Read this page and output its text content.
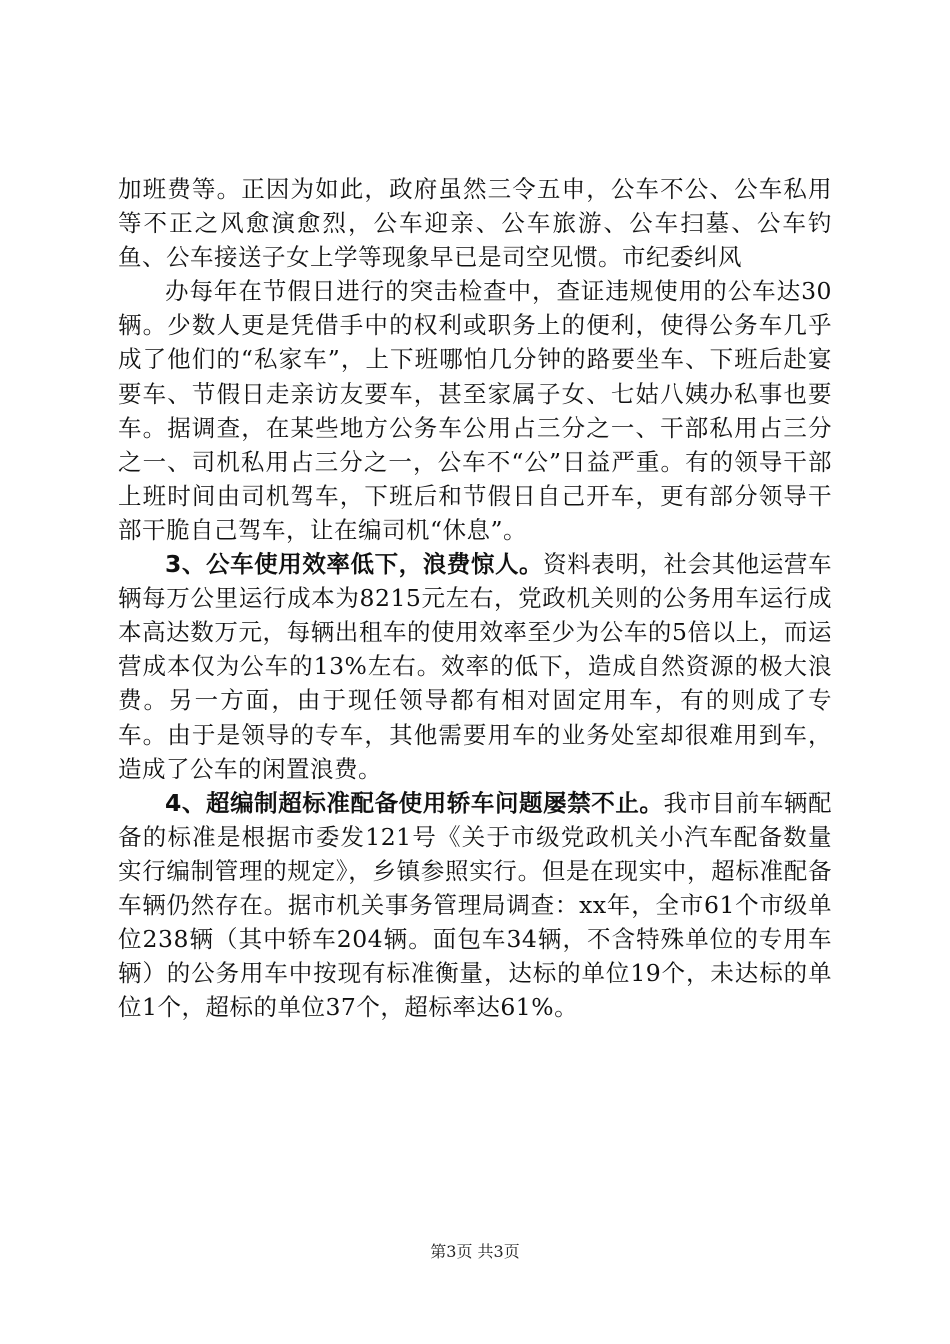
加班费等。正因为如此，政府虽然三令五申，公车不公、公车私用等不正之风愈演愈烈，公车迎亲、公车旅游、公车扫墓、公车钓鱼、公车接送子女上学等现象早已是司空见惯。市纪委纠风

办每年在节假日进行的突击检查中，查证违规使用的公车达30辆。少数人更是凭借手中的权利或职务上的便利，使得公务车几乎成了他们的“私家车”，上下班哪怕几分钟的路要坐车、下班后赴宴要车、节假日走亲访友要车，甚至家属子女、七姑八姨办私事也要车。据调查，在某些地方公务车公用占三分之一、干部私用占三分之一、司机私用占三分之一，公车不“公”日益严重。有的领导干部上班时间由司机驾车，下班后和节假日自己开车，更有部分领导干部干脆自己驾车，让在编司机“休息”。

3、公车使用效率低下，浪费惊人。资料表明，社会其他运营车辆每万公里运行成本为8215元左右，党政机关则的公务用车运行成本高达数万元，每辆出租车的使用效率至少为公车的5倍以上，而运营成本仅为公车的13%左右。效率的低下，造成自然资源的极大浪费。另一方面，由于现任领导都有相对固定用车，有的则成了专车。由于是领导的专车，其他需要用车的业务处室却很难用到车，造成了公车的闲置浪费。

4、超编制超标准配备使用轿车问题屡禁不止。我市目前车辆配备的标准是根据市委发121号《关于市级党政机关小汽车配备数量实行编制管理的规定》，乡镇参照实行。但是在现实中，超标准配备车辆仍然存在。据市机关事务管理局调查：xx年，全市61个市级单位238辆（其中轿车204辆。面包车34辆，不含特殊单位的专用车辆）的公务用车中按现有标准衡量，达标的单位19个，未达标的单位1个，超标的单位37个，超标率达61%。

第3页 共3页
